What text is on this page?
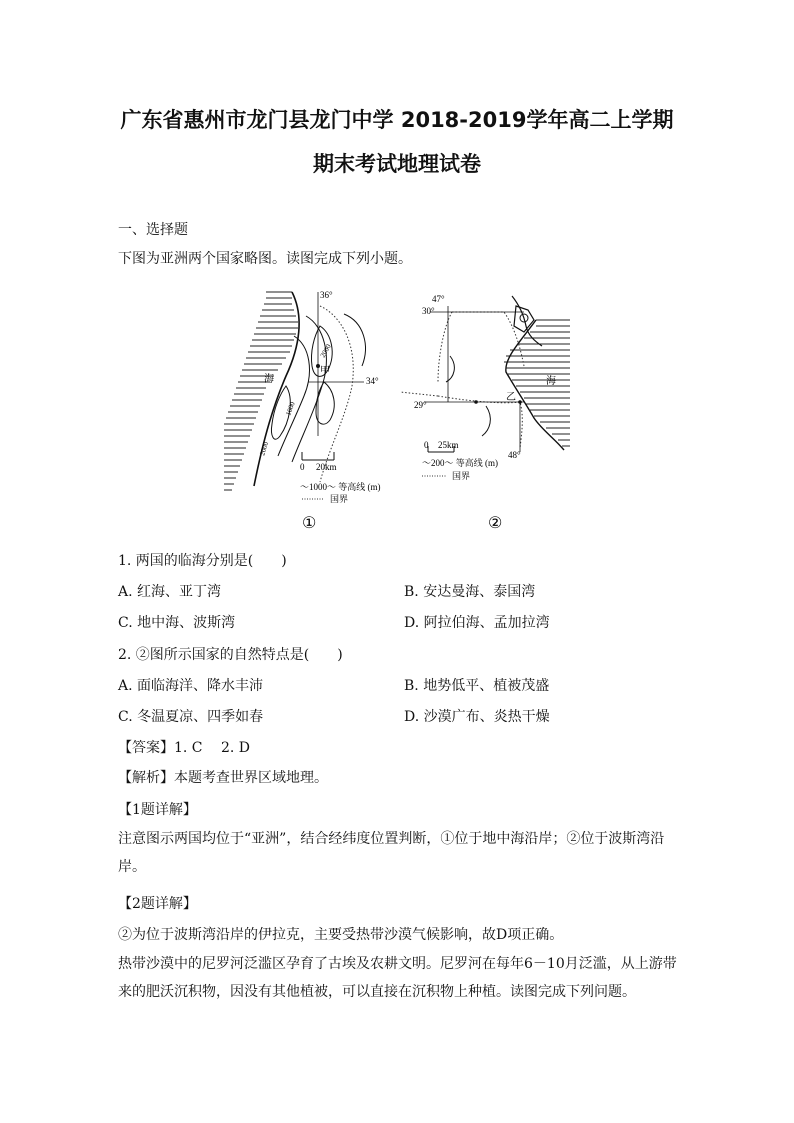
广东省惠州市龙门县龙门中学 2018-2019学年高二上学期
期末考试地理试卷
一、选择题
下图为亚洲两个国家略图。读图完成下列小题。
36°
34°
海
甲
1000
2000
2000
0 20km
〜1000〜 等高线 (m)
国界
①
47°
30°
29°
48°
海
乙
0 25km
〜200〜 等高线 (m)
国界
②
1. 两国的临海分别是(　　)
A. 红海、亚丁湾	B. 安达曼海、泰国湾
C. 地中海、波斯湾	D. 阿拉伯海、孟加拉湾
2. ②图所示国家的自然特点是(　　)
A. 面临海洋、降水丰沛	B. 地势低平、植被茂盛
C. 冬温夏凉、四季如春	D. 沙漠广布、炎热干燥
【答案】1. C　 2. D
【解析】本题考查世界区域地理。
【1题详解】
注意图示两国均位于“亚洲”，结合经纬度位置判断，①位于地中海沿岸；②位于波斯湾沿岸。
【2题详解】
②为位于波斯湾沿岸的伊拉克，主要受热带沙漠气候影响，故D项正确。
热带沙漠中的尼罗河泛滥区孕育了古埃及农耕文明。尼罗河在每年6－10月泛滥，从上游带来的肥沃沉积物，因没有其他植被，可以直接在沉积物上种植。读图完成下列问题。
